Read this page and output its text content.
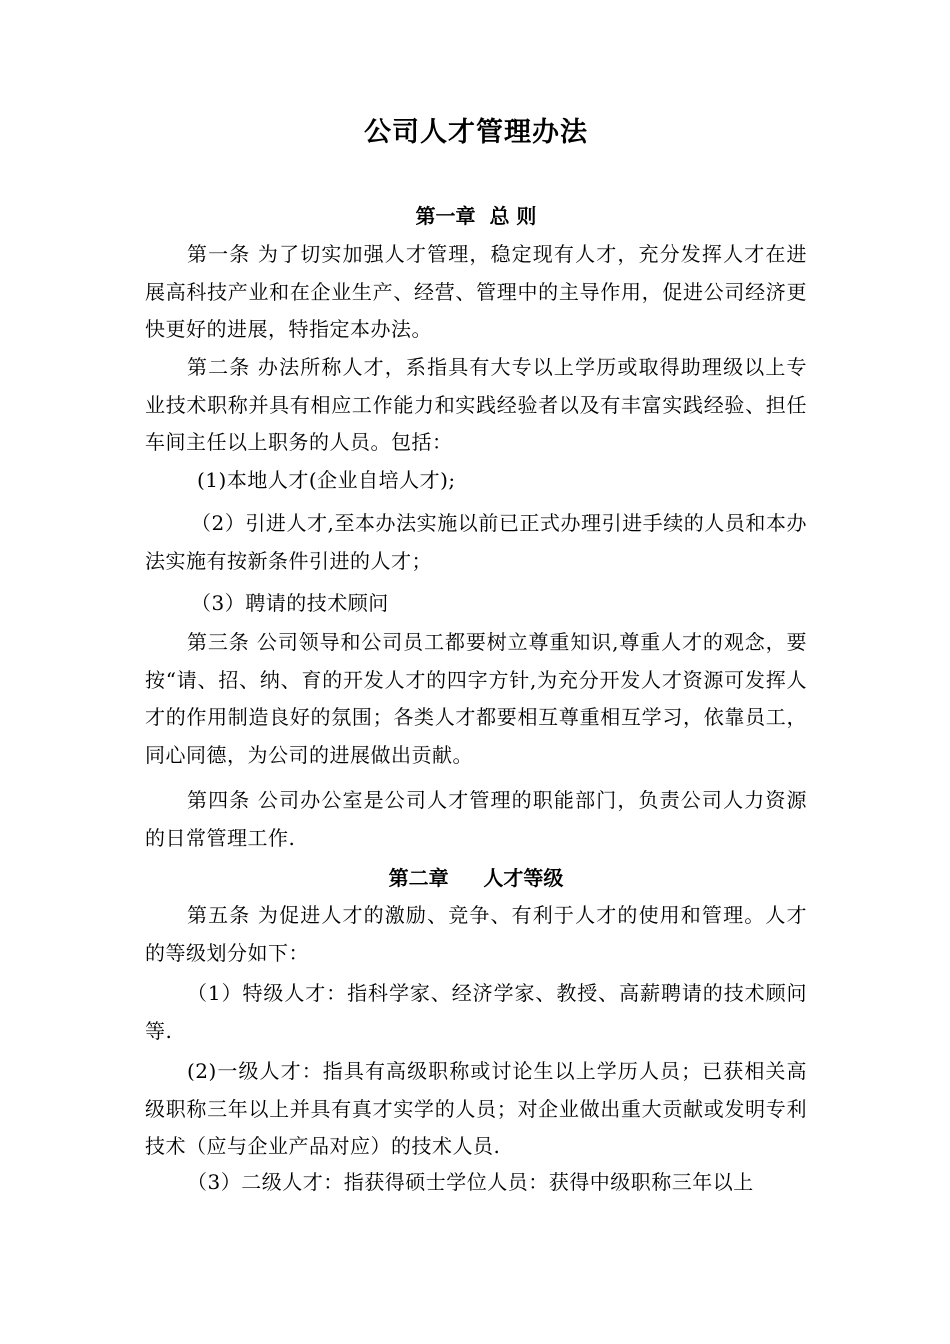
公司人才管理办法
第一章  总 则
第一条 为了切实加强人才管理，稳定现有人才，充分发挥人才在进展高科技产业和在企业生产、经营、管理中的主导作用，促进公司经济更快更好的进展，特指定本办法。
第二条 办法所称人才，系指具有大专以上学历或取得助理级以上专业技术职称并具有相应工作能力和实践经验者以及有丰富实践经验、担任车间主任以上职务的人员。包括：
(1)本地人才(企业自培人才);
（2）引进人才,至本办法实施以前已正式办理引进手续的人员和本办法实施有按新条件引进的人才；
（3）聘请的技术顾问
第三条 公司领导和公司员工都要树立尊重知识,尊重人才的观念，要按“请、招、纳、育的开发人才的四字方针,为充分开发人才资源可发挥人才的作用制造良好的氛围；各类人才都要相互尊重相互学习，依靠员工，同心同德，为公司的进展做出贡献。
第四条 公司办公室是公司人才管理的职能部门，负责公司人力资源的日常管理工作.
第二章     人才等级
第五条 为促进人才的激励、竞争、有利于人才的使用和管理。人才的等级划分如下：
（1）特级人才：指科学家、经济学家、教授、高薪聘请的技术顾问等.
(2)一级人才：指具有高级职称或讨论生以上学历人员；已获相关高级职称三年以上并具有真才实学的人员；对企业做出重大贡献或发明专利技术（应与企业产品对应）的技术人员.
（3）二级人才：指获得硕士学位人员：获得中级职称三年以上
